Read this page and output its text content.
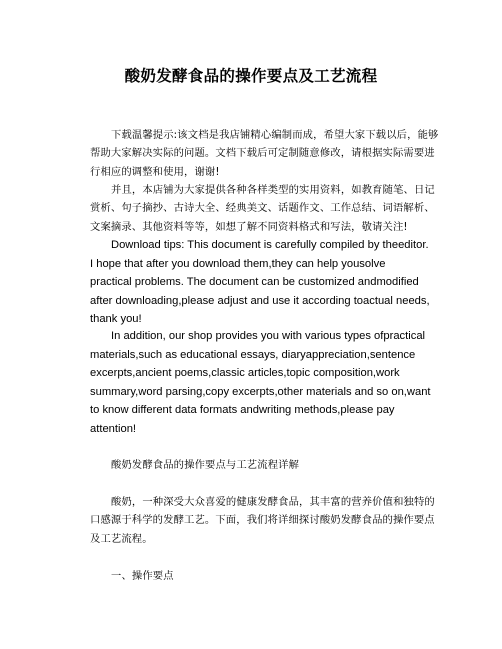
酸奶发酵食品的操作要点及工艺流程

下载温馨提示:该文档是我店铺精心编制而成，希望大家下载以后，能够
帮助大家解决实际的问题。文档下载后可定制随意修改，请根据实际需要进
行相应的调整和使用，谢谢!

并且，本店铺为大家提供各种各样类型的实用资料，如教育随笔、日记
赏析、句子摘抄、古诗大全、经典美文、话题作文、工作总结、词语解析、
文案摘录、其他资料等等，如想了解不同资料格式和写法，敬请关注!

Download tips: This document is carefully compiled by theeditor.
I hope that after you download them,they can help yousolve
practical problems. The document can be customized andmodified
after downloading,please adjust and use it according toactual needs,
thank you!

In addition, our shop provides you with various types ofpractical
materials,such as educational essays, diaryappreciation,sentence
excerpts,ancient poems,classic articles,topic composition,work
summary,word parsing,copy excerpts,other materials and so on,want
to know different data formats andwriting methods,please pay
attention!

酸奶发酵食品的操作要点与工艺流程详解

酸奶，一种深受大众喜爱的健康发酵食品，其丰富的营养价值和独特的
口感源于科学的发酵工艺。下面，我们将详细探讨酸奶发酵食品的操作要点
及工艺流程。

一、操作要点
